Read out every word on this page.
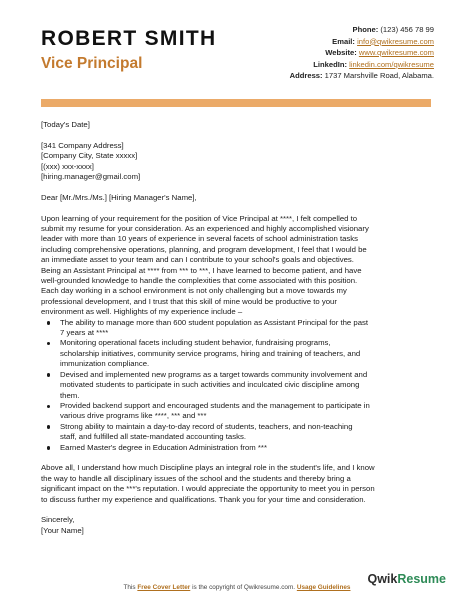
ROBERT SMITH
Vice Principal
Phone: (123) 456 78 99
Email: info@qwikresume.com
Website: www.qwikresume.com
LinkedIn: linkedin.com/qwikresume
Address: 1737 Marshville Road, Alabama.

[Today's Date]

[341 Company Address]

[Company City, State xxxxx]

[(xxx) xxx-xxxx]

[hiring.manager@gmail.com]

Dear [Mr./Mrs./Ms.] [Hiring Manager's Name],

Upon learning of your requirement for the position of Vice Principal at ****, I felt compelled to

submit my resume for your consideration. As an experienced and highly accomplished visionary

leader with more than 10 years of experience in several facets of school administration tasks

including comprehensive operations, planning, and program development, I feel that I would be

an immediate asset to your team and can I contribute to your school's goals and objectives.

Being an Assistant Principal at **** from *** to ***, I have learned to become patient, and have

well-grounded knowledge to handle the complexities that come associated with this position.

Each day working in a school environment is not only challenging but a move towards my

professional development, and I trust that this skill of mine would be productive to your

environment as well. Highlights of my experience include –

The ability to manage more than 600 student population as Assistant Principal for the past
7 years at ****
Monitoring operational facets including student behavior, fundraising programs,
scholarship initiatives, community service programs, hiring and training of teachers, and
immunization compliance.
Devised and implemented new programs as a target towards community involvement and
motivated students to participate in such activities and inculcated civic discipline among
them.
Provided backend support and encouraged students and the management to participate in
various drive programs like ****, *** and ***
Strong ability to maintain a day-to-day record of students, teachers, and non-teaching
staff, and fulfilled all state-mandated accounting tasks.
Earned Master's degree in Education Administration from ***

Above all, I understand how much Discipline plays an integral role in the student's life, and I know

the way to handle all disciplinary issues of the school and the students and thereby bring a

significant impact on the ***'s reputation. I would appreciate the opportunity to meet you in person

to discuss further my experience and qualifications. Thank you for your time and consideration.

Sincerely,

[Your Name]

This Free Cover Letter is the copyright of Qwikresume.com. Usage Guidelines
Qwik Resume
